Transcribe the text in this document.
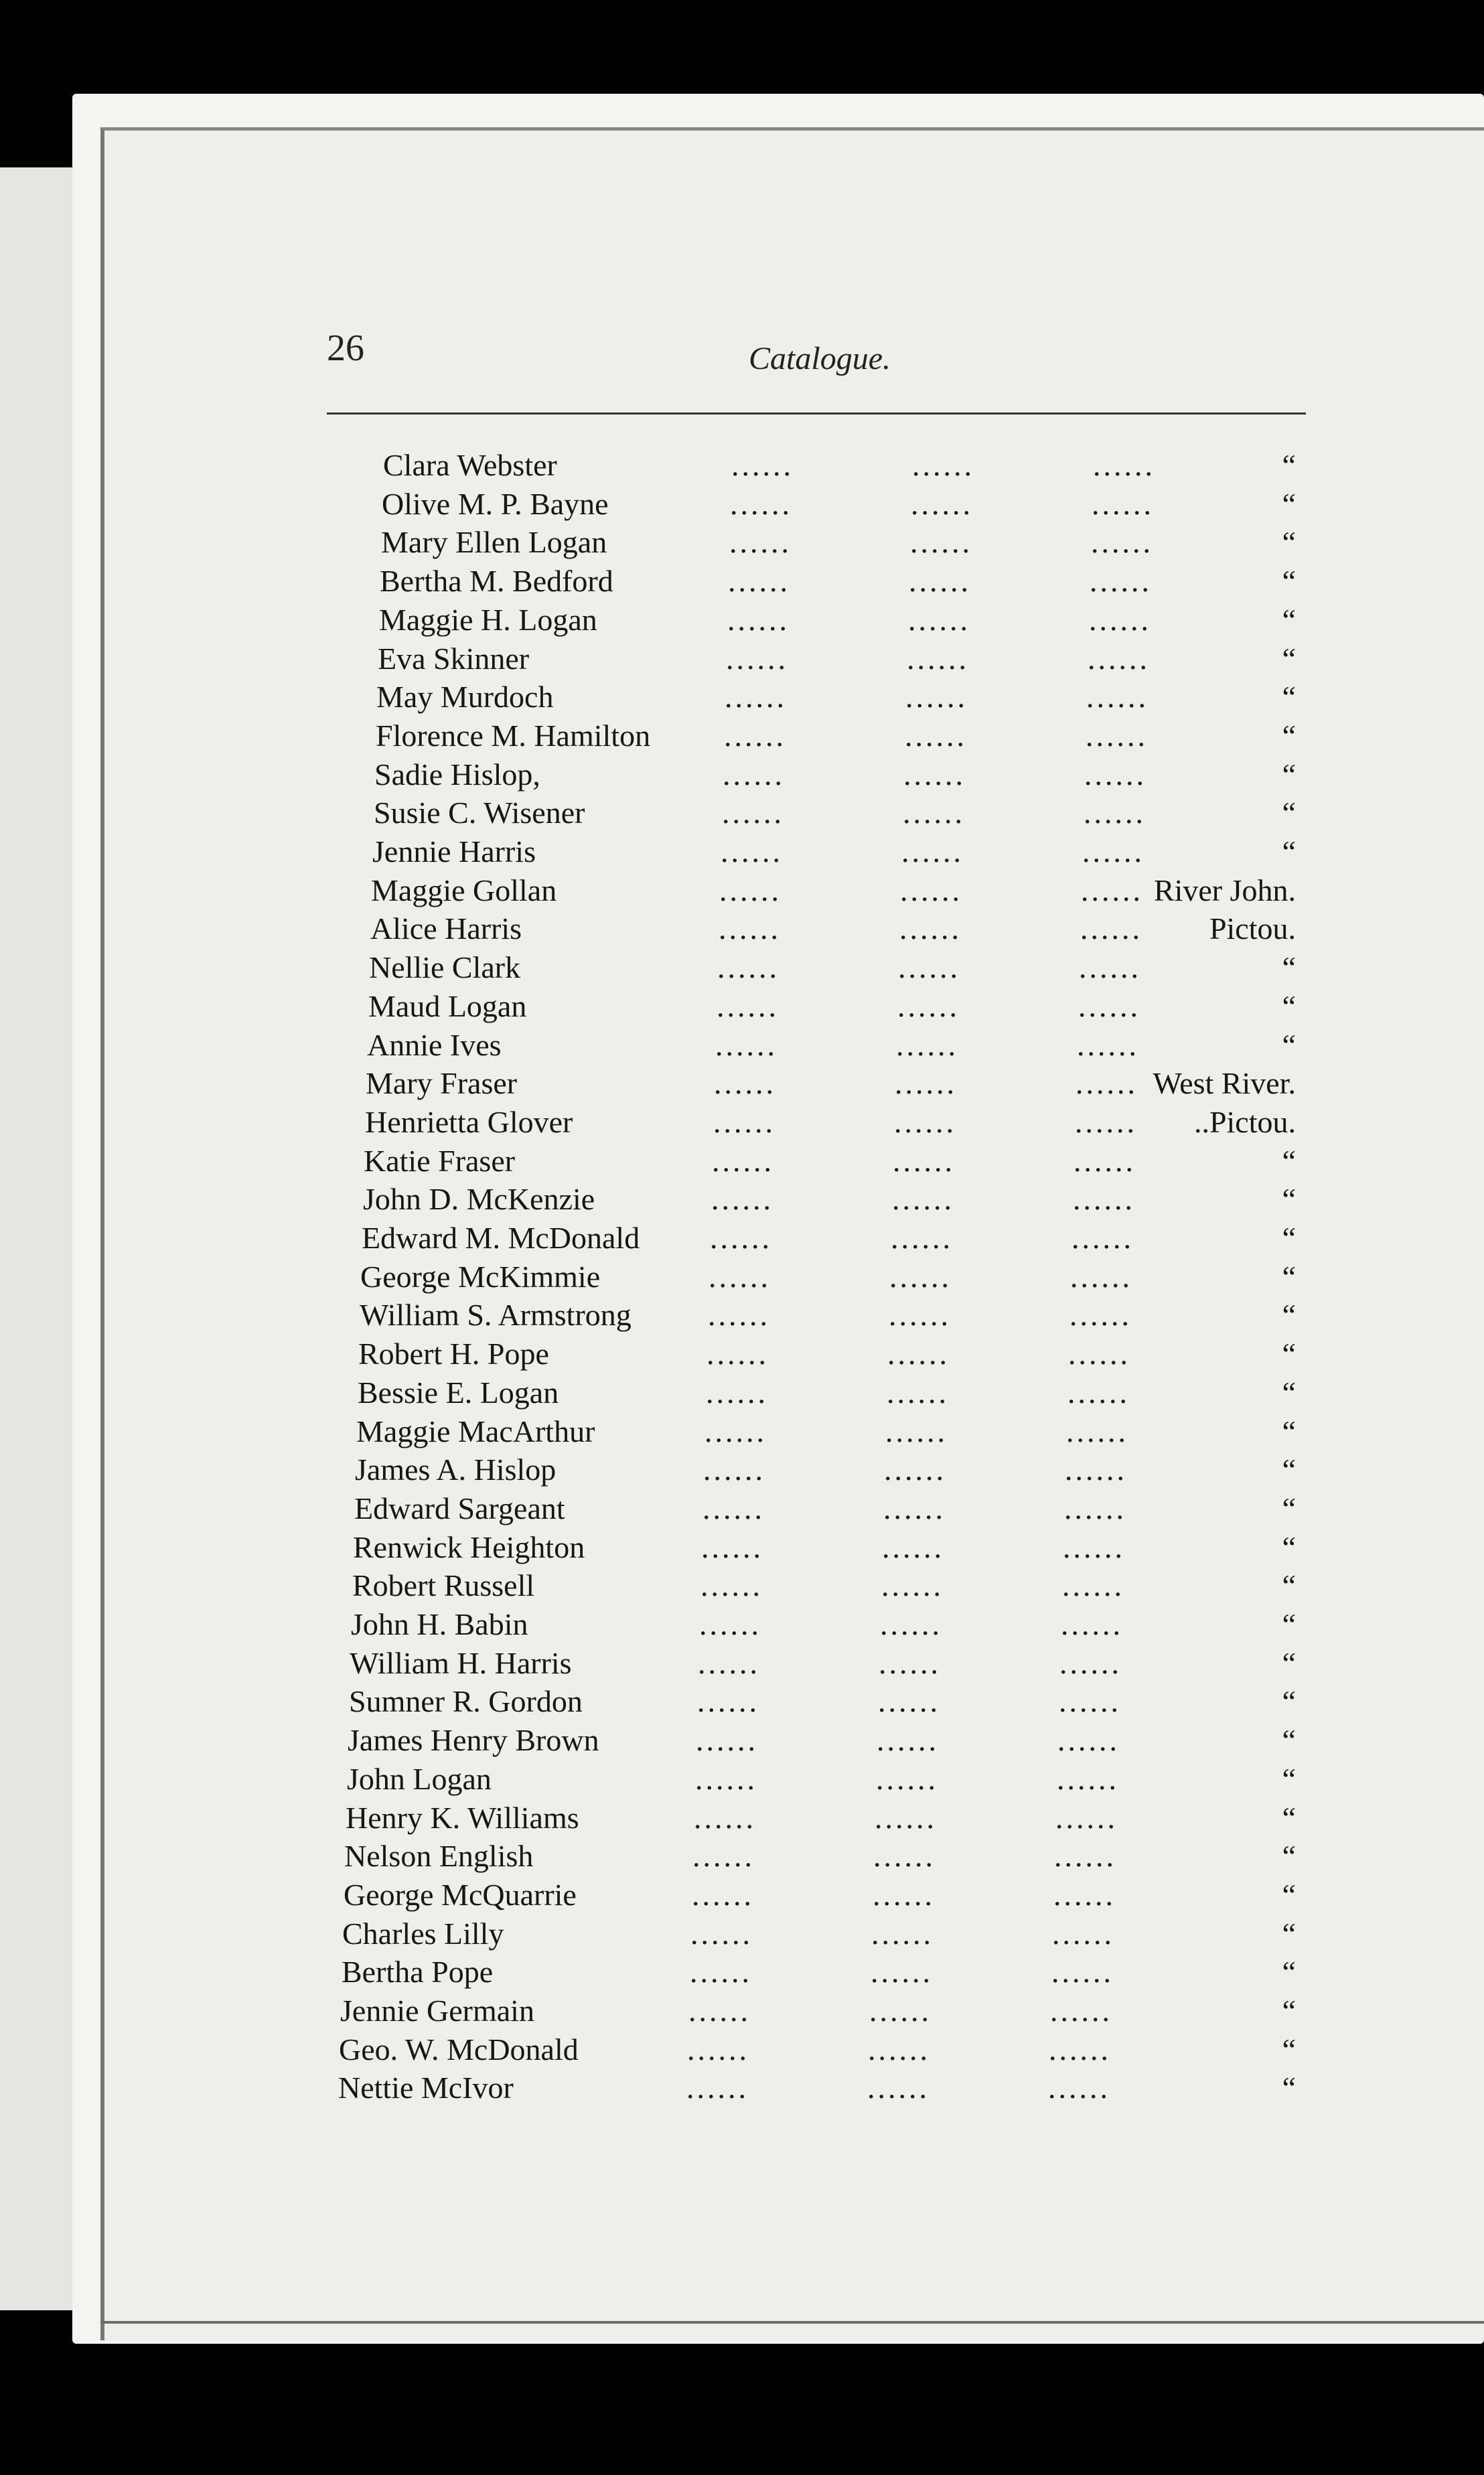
26	Catalogue.
Clara Webster	......	......	......	“
Olive M. P. Bayne	......	......	......	“
Mary Ellen Logan	......	......	......	“
Bertha M. Bedford	......	......	......	“
Maggie H. Logan	......	......	......	“
Eva Skinner	......	......	......	“
May Murdoch	......	......	......	“
Florence M. Hamilton ......	......	......	“
Sadie Hislop,	......	......	......	“
Susie C. Wisener	......	......	......	“
Jennie Harris	......	......	......	“
Maggie Gollan	......	......	...... River John.
Alice Harris	......	......	...... Pictou.
Nellie Clark	......	......	......	“
Maud Logan	......	......	......	“
Annie Ives	......	......	......	“
Mary Fraser	......	......	...... West River.
Henrietta Glover	......	......	...... ..Pictou.
Katie Fraser	......	......	......	“
John D. McKenzie	......	......	......	“
Edward M. McDonald ......	......	......	“
George McKimmie	......	......	......	“
William S. Armstrong ......	......	......	“
Robert H. Pope	......	......	......	“
Bessie E. Logan	......	......	......	“
Maggie MacArthur	......	......	......	“
James A. Hislop	......	......	......	“
Edward Sargeant	......	......	......	“
Renwick Heighton	......	......	......	“
Robert Russell	......	......	......	“
John H. Babin	......	......	......	“
William H. Harris	......	......	......	“
Sumner R. Gordon	......	......	......	“
James Henry Brown	......	......	......	“
John Logan	......	......	......	“
Henry K. Williams	......	......	......	“
Nelson English	......	......	......	“
George McQuarrie	......	......	......	“
Charles Lilly	......	......	......	“
Bertha Pope	......	......	......	“
Jennie Germain	......	......	......	“
Geo. W. McDonald	......	......	......	“
Nettie McIvor	......	......	......	“
